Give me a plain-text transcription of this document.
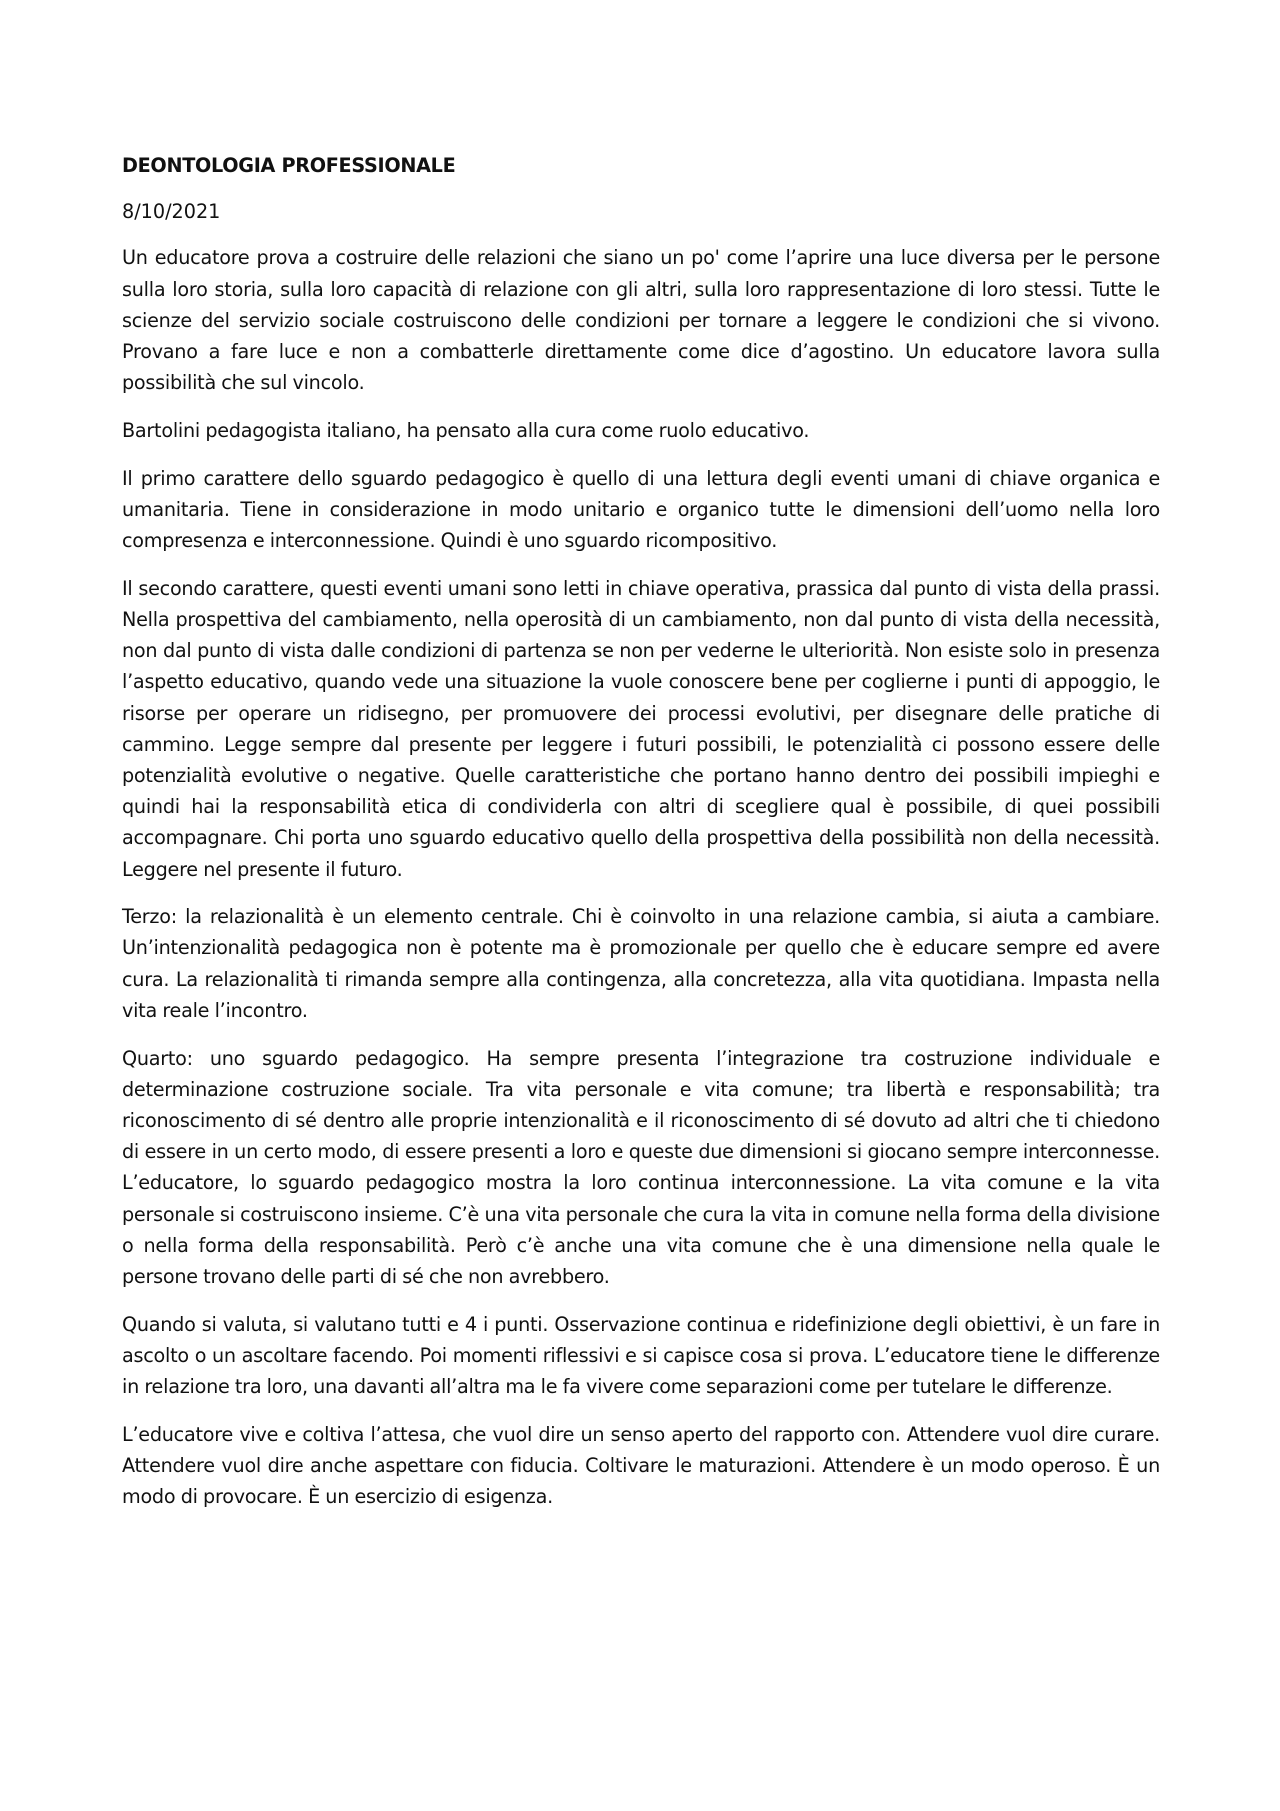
DEONTOLOGIA PROFESSIONALE

8/10/2021

Un educatore prova a costruire delle relazioni che siano un po' come l’aprire una luce diversa per le persone sulla loro storia, sulla loro capacità di relazione con gli altri, sulla loro rappresentazione di loro stessi. Tutte le scienze del servizio sociale costruiscono delle condizioni per tornare a leggere le condizioni che si vivono. Provano a fare luce e non a combatterle direttamente come dice d’agostino. Un educatore lavora sulla possibilità che sul vincolo.

Bartolini pedagogista italiano, ha pensato alla cura come ruolo educativo.

Il primo carattere dello sguardo pedagogico è quello di una lettura degli eventi umani di chiave organica e umanitaria. Tiene in considerazione in modo unitario e organico tutte le dimensioni dell’uomo nella loro compresenza e interconnessione. Quindi è uno sguardo ricompositivo.

Il secondo carattere, questi eventi umani sono letti in chiave operativa, prassica dal punto di vista della prassi. Nella prospettiva del cambiamento, nella operosità di un cambiamento, non dal punto di vista della necessità, non dal punto di vista dalle condizioni di partenza se non per vederne le ulteriorità. Non esiste solo in presenza l’aspetto educativo, quando vede una situazione la vuole conoscere bene per coglierne i punti di appoggio, le risorse per operare un ridisegno, per promuovere dei processi evolutivi, per disegnare delle pratiche di cammino. Legge sempre dal presente per leggere i futuri possibili, le potenzialità ci possono essere delle potenzialità evolutive o negative. Quelle caratteristiche che portano hanno dentro dei possibili impieghi e quindi hai la responsabilità etica di condividerla con altri di scegliere qual è possibile, di quei possibili accompagnare. Chi porta uno sguardo educativo quello della prospettiva della possibilità non della necessità. Leggere nel presente il futuro.

Terzo: la relazionalità è un elemento centrale. Chi è coinvolto in una relazione cambia, si aiuta a cambiare. Un’intenzionalità pedagogica non è potente ma è promozionale per quello che è educare sempre ed avere cura. La relazionalità ti rimanda sempre alla contingenza, alla concretezza, alla vita quotidiana. Impasta nella vita reale l’incontro.

Quarto: uno sguardo pedagogico. Ha sempre presenta l’integrazione tra costruzione individuale e determinazione costruzione sociale. Tra vita personale e vita comune; tra libertà e responsabilità; tra riconoscimento di sé dentro alle proprie intenzionalità e il riconoscimento di sé dovuto ad altri che ti chiedono di essere in un certo modo, di essere presenti a loro e queste due dimensioni si giocano sempre interconnesse. L’educatore, lo sguardo pedagogico mostra la loro continua interconnessione. La vita comune e la vita personale si costruiscono insieme. C’è una vita personale che cura la vita in comune nella forma della divisione o nella forma della responsabilità. Però c’è anche una vita comune che è una dimensione nella quale le persone trovano delle parti di sé che non avrebbero.

Quando si valuta, si valutano tutti e 4 i punti. Osservazione continua e ridefinizione degli obiettivi, è un fare in ascolto o un ascoltare facendo. Poi momenti riflessivi e si capisce cosa si prova. L’educatore tiene le differenze in relazione tra loro, una davanti all’altra ma le fa vivere come separazioni come per tutelare le differenze.

L’educatore vive e coltiva l’attesa, che vuol dire un senso aperto del rapporto con. Attendere vuol dire curare. Attendere vuol dire anche aspettare con fiducia. Coltivare le maturazioni. Attendere è un modo operoso. È un modo di provocare. È un esercizio di esigenza.
